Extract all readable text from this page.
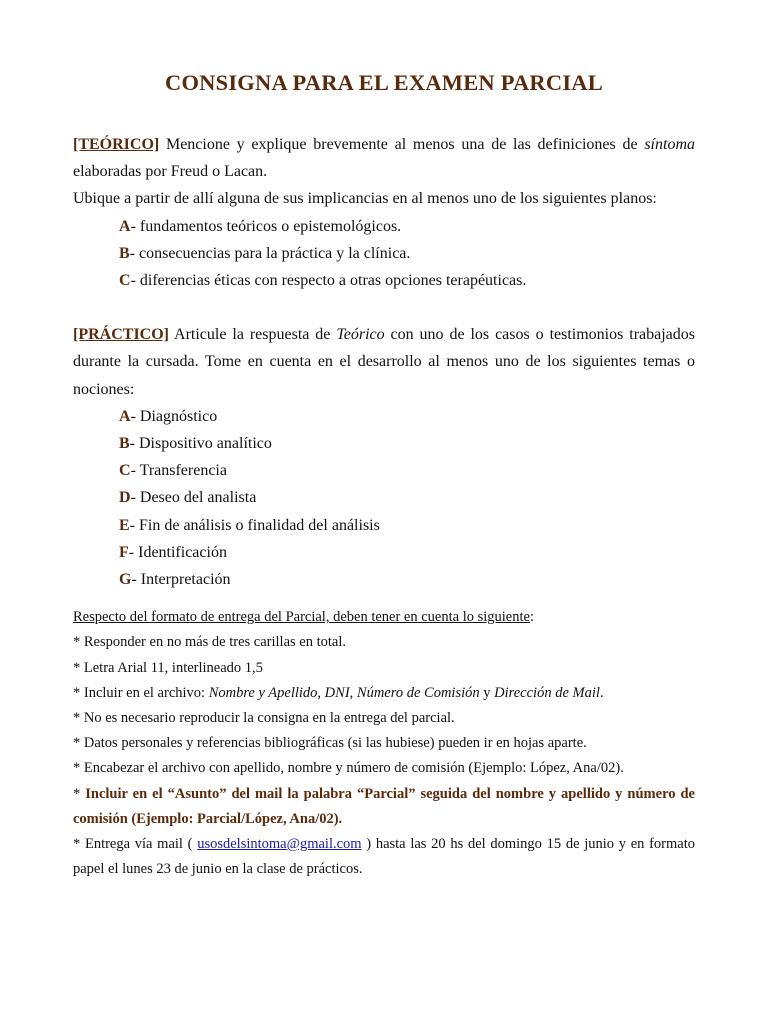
CONSIGNA PARA EL EXAMEN PARCIAL

[TEÓRICO] Mencione y explique brevemente al menos una de las definiciones de síntoma elaboradas por Freud o Lacan.

Ubique a partir de allí alguna de sus implicancias en al menos uno de los siguientes planos:

A- fundamentos teóricos o epistemológicos.

B- consecuencias para la práctica y la clínica.

C- diferencias éticas con respecto a otras opciones terapéuticas.

[PRÁCTICO] Articule la respuesta de Teórico con uno de los casos o testimonios trabajados durante la cursada. Tome en cuenta en el desarrollo al menos uno de los siguientes temas o nociones:

A- Diagnóstico

B- Dispositivo analítico

C- Transferencia

D- Deseo del analista

E- Fin de análisis o finalidad del análisis

F- Identificación

G- Interpretación

Respecto del formato de entrega del Parcial, deben tener en cuenta lo siguiente:

* Responder en no más de tres carillas en total.

* Letra Arial 11, interlineado 1,5

* Incluir en el archivo: Nombre y Apellido, DNI, Número de Comisión y Dirección de Mail.

* No es necesario reproducir la consigna en la entrega del parcial.

* Datos personales y referencias bibliográficas (si las hubiese) pueden ir en hojas aparte.

* Encabezar el archivo con apellido, nombre y número de comisión (Ejemplo: López, Ana/02).

* Incluir en el “Asunto” del mail la palabra “Parcial” seguida del nombre y apellido y número de comisión (Ejemplo: Parcial/López, Ana/02).

* Entrega vía mail ( usosdelsintoma@gmail.com ) hasta las 20 hs del domingo 15 de junio y en formato papel el lunes 23 de junio en la clase de prácticos.
